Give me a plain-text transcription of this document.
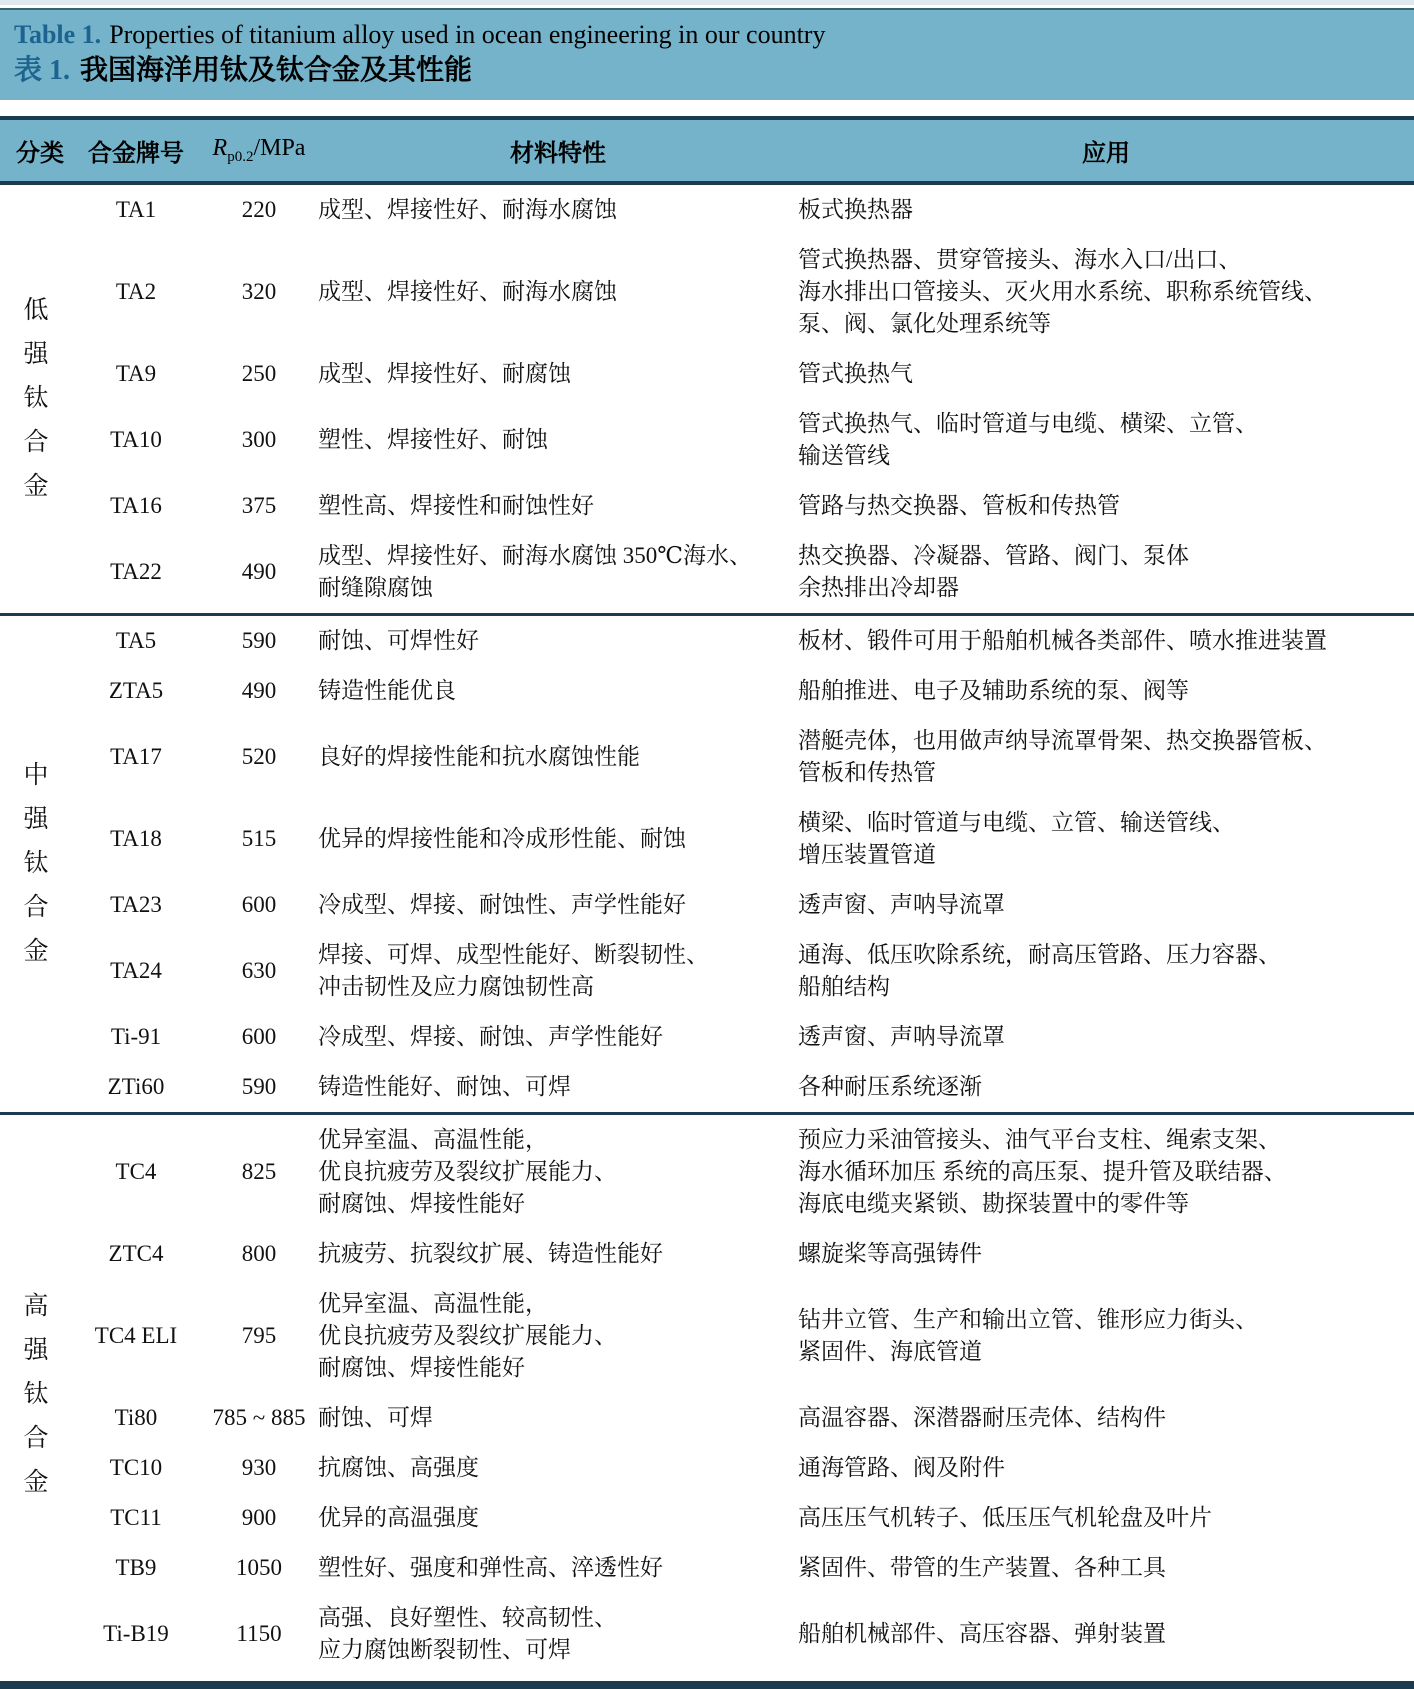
Table 1. Properties of titanium alloy used in ocean engineering in our country
表 1. 我国海洋用钛及钛合金及其性能
分类	合金牌号	$R_{p0.2}$/MPa	材料特性	应用

低
强
钛
合
金	TA1	220	成型、焊接性好、耐海水腐蚀	板式换热器

	TA2	320	成型、焊接性好、耐海水腐蚀	管式换热器、贯穿管接头、海水入口/出口、
海水排出口管接头、灭火用水系统、职称系统管线、
泵、阀、氯化处理系统等

	TA9	250	成型、焊接性好、耐腐蚀	管式换热气

	TA10	300	塑性、焊接性好、耐蚀	管式换热气、临时管道与电缆、横梁、立管、
输送管线

	TA16	375	塑性高、焊接性和耐蚀性好	管路与热交换器、管板和传热管

	TA22	490	成型、焊接性好、耐海水腐蚀 350℃海水、
耐缝隙腐蚀	热交换器、冷凝器、管路、阀门、泵体
余热排出冷却器

中
强
钛
合
金	TA5	590	耐蚀、可焊性好	板材、锻件可用于船舶机械各类部件、喷水推进装置

	ZTA5	490	铸造性能优良	船舶推进、电子及辅助系统的泵、阀等

	TA17	520	良好的焊接性能和抗水腐蚀性能	潜艇壳体，也用做声纳导流罩骨架、热交换器管板、
管板和传热管

	TA18	515	优异的焊接性能和冷成形性能、耐蚀	横梁、临时管道与电缆、立管、输送管线、
增压装置管道

	TA23	600	冷成型、焊接、耐蚀性、声学性能好	透声窗、声呐导流罩

	TA24	630	焊接、可焊、成型性能好、断裂韧性、
冲击韧性及应力腐蚀韧性高	通海、低压吹除系统，耐高压管路、压力容器、
船舶结构

	Ti-91	600	冷成型、焊接、耐蚀、声学性能好	透声窗、声呐导流罩

	ZTi60	590	铸造性能好、耐蚀、可焊	各种耐压系统逐渐

高
强
钛
合
金	TC4	825	优异室温、高温性能，
优良抗疲劳及裂纹扩展能力、
耐腐蚀、焊接性能好	预应力采油管接头、油气平台支柱、绳索支架、
海水循环加压 系统的高压泵、提升管及联结器、
海底电缆夹紧锁、勘探装置中的零件等

	ZTC4	800	抗疲劳、抗裂纹扩展、铸造性能好	螺旋桨等高强铸件

	TC4 ELI	795	优异室温、高温性能，
优良抗疲劳及裂纹扩展能力、
耐腐蚀、焊接性能好	钻井立管、生产和输出立管、锥形应力街头、
紧固件、海底管道

	Ti80	785 ~ 885	耐蚀、可焊	高温容器、深潜器耐压壳体、结构件

	TC10	930	抗腐蚀、高强度	通海管路、阀及附件

	TC11	900	优异的高温强度	高压压气机转子、低压压气机轮盘及叶片

	TB9	1050	塑性好、强度和弹性高、淬透性好	紧固件、带管的生产装置、各种工具

	Ti-B19	1150	高强、良好塑性、较高韧性、
应力腐蚀断裂韧性、可焊	船舶机械部件、高压容器、弹射装置
